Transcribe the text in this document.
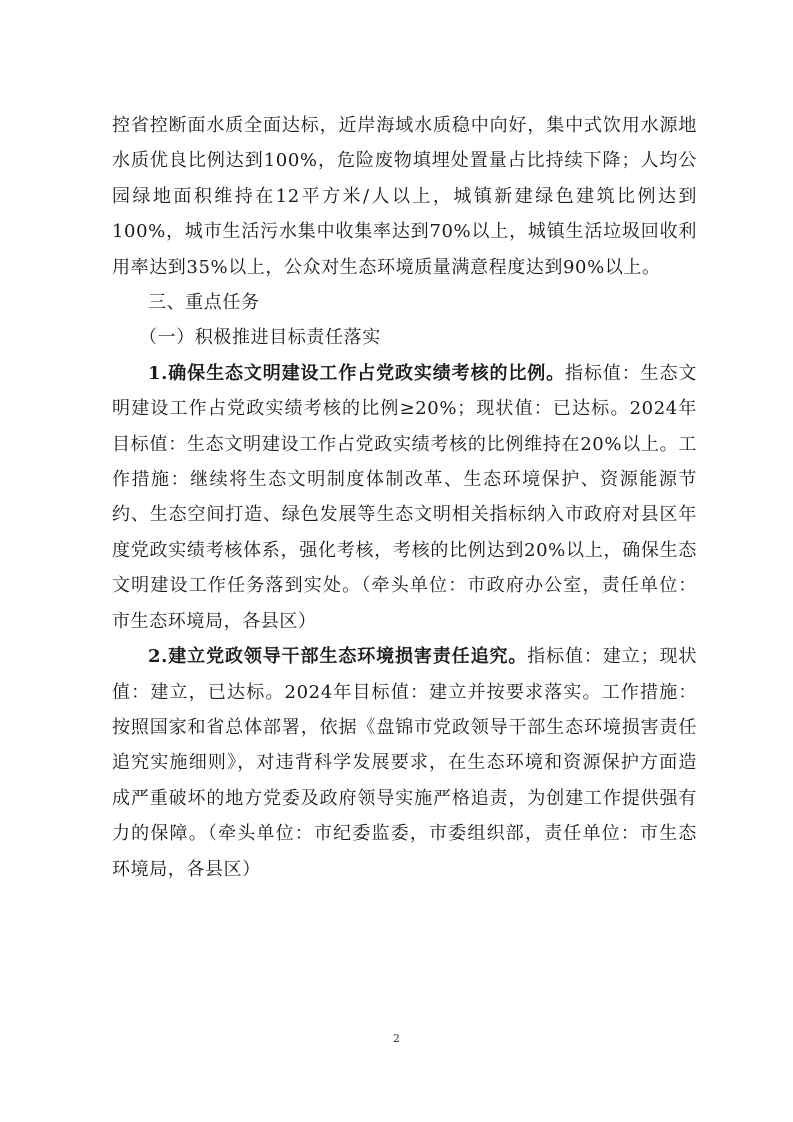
控省控断面水质全面达标，近岸海域水质稳中向好，集中式饮用水源地水质优良比例达到100%，危险废物填埋处置量占比持续下降；人均公园绿地面积维持在12平方米/人以上，城镇新建绿色建筑比例达到100%，城市生活污水集中收集率达到70%以上，城镇生活垃圾回收利用率达到35%以上，公众对生态环境质量满意程度达到90%以上。

三、重点任务
（一）积极推进目标责任落实

1.确保生态文明建设工作占党政实绩考核的比例。指标值：生态文明建设工作占党政实绩考核的比例≥20%；现状值：已达标。2024年目标值：生态文明建设工作占党政实绩考核的比例维持在20%以上。工作措施：继续将生态文明制度体制改革、生态环境保护、资源能源节约、生态空间打造、绿色发展等生态文明相关指标纳入市政府对县区年度党政实绩考核体系，强化考核，考核的比例达到20%以上，确保生态文明建设工作任务落到实处。（牵头单位：市政府办公室，责任单位：市生态环境局，各县区）

2.建立党政领导干部生态环境损害责任追究。指标值：建立；现状值：建立，已达标。2024年目标值：建立并按要求落实。工作措施：按照国家和省总体部署，依据《盘锦市党政领导干部生态环境损害责任追究实施细则》，对违背科学发展要求，在生态环境和资源保护方面造成严重破坏的地方党委及政府领导实施严格追责，为创建工作提供强有力的保障。（牵头单位：市纪委监委，市委组织部，责任单位：市生态环境局，各县区）

2
